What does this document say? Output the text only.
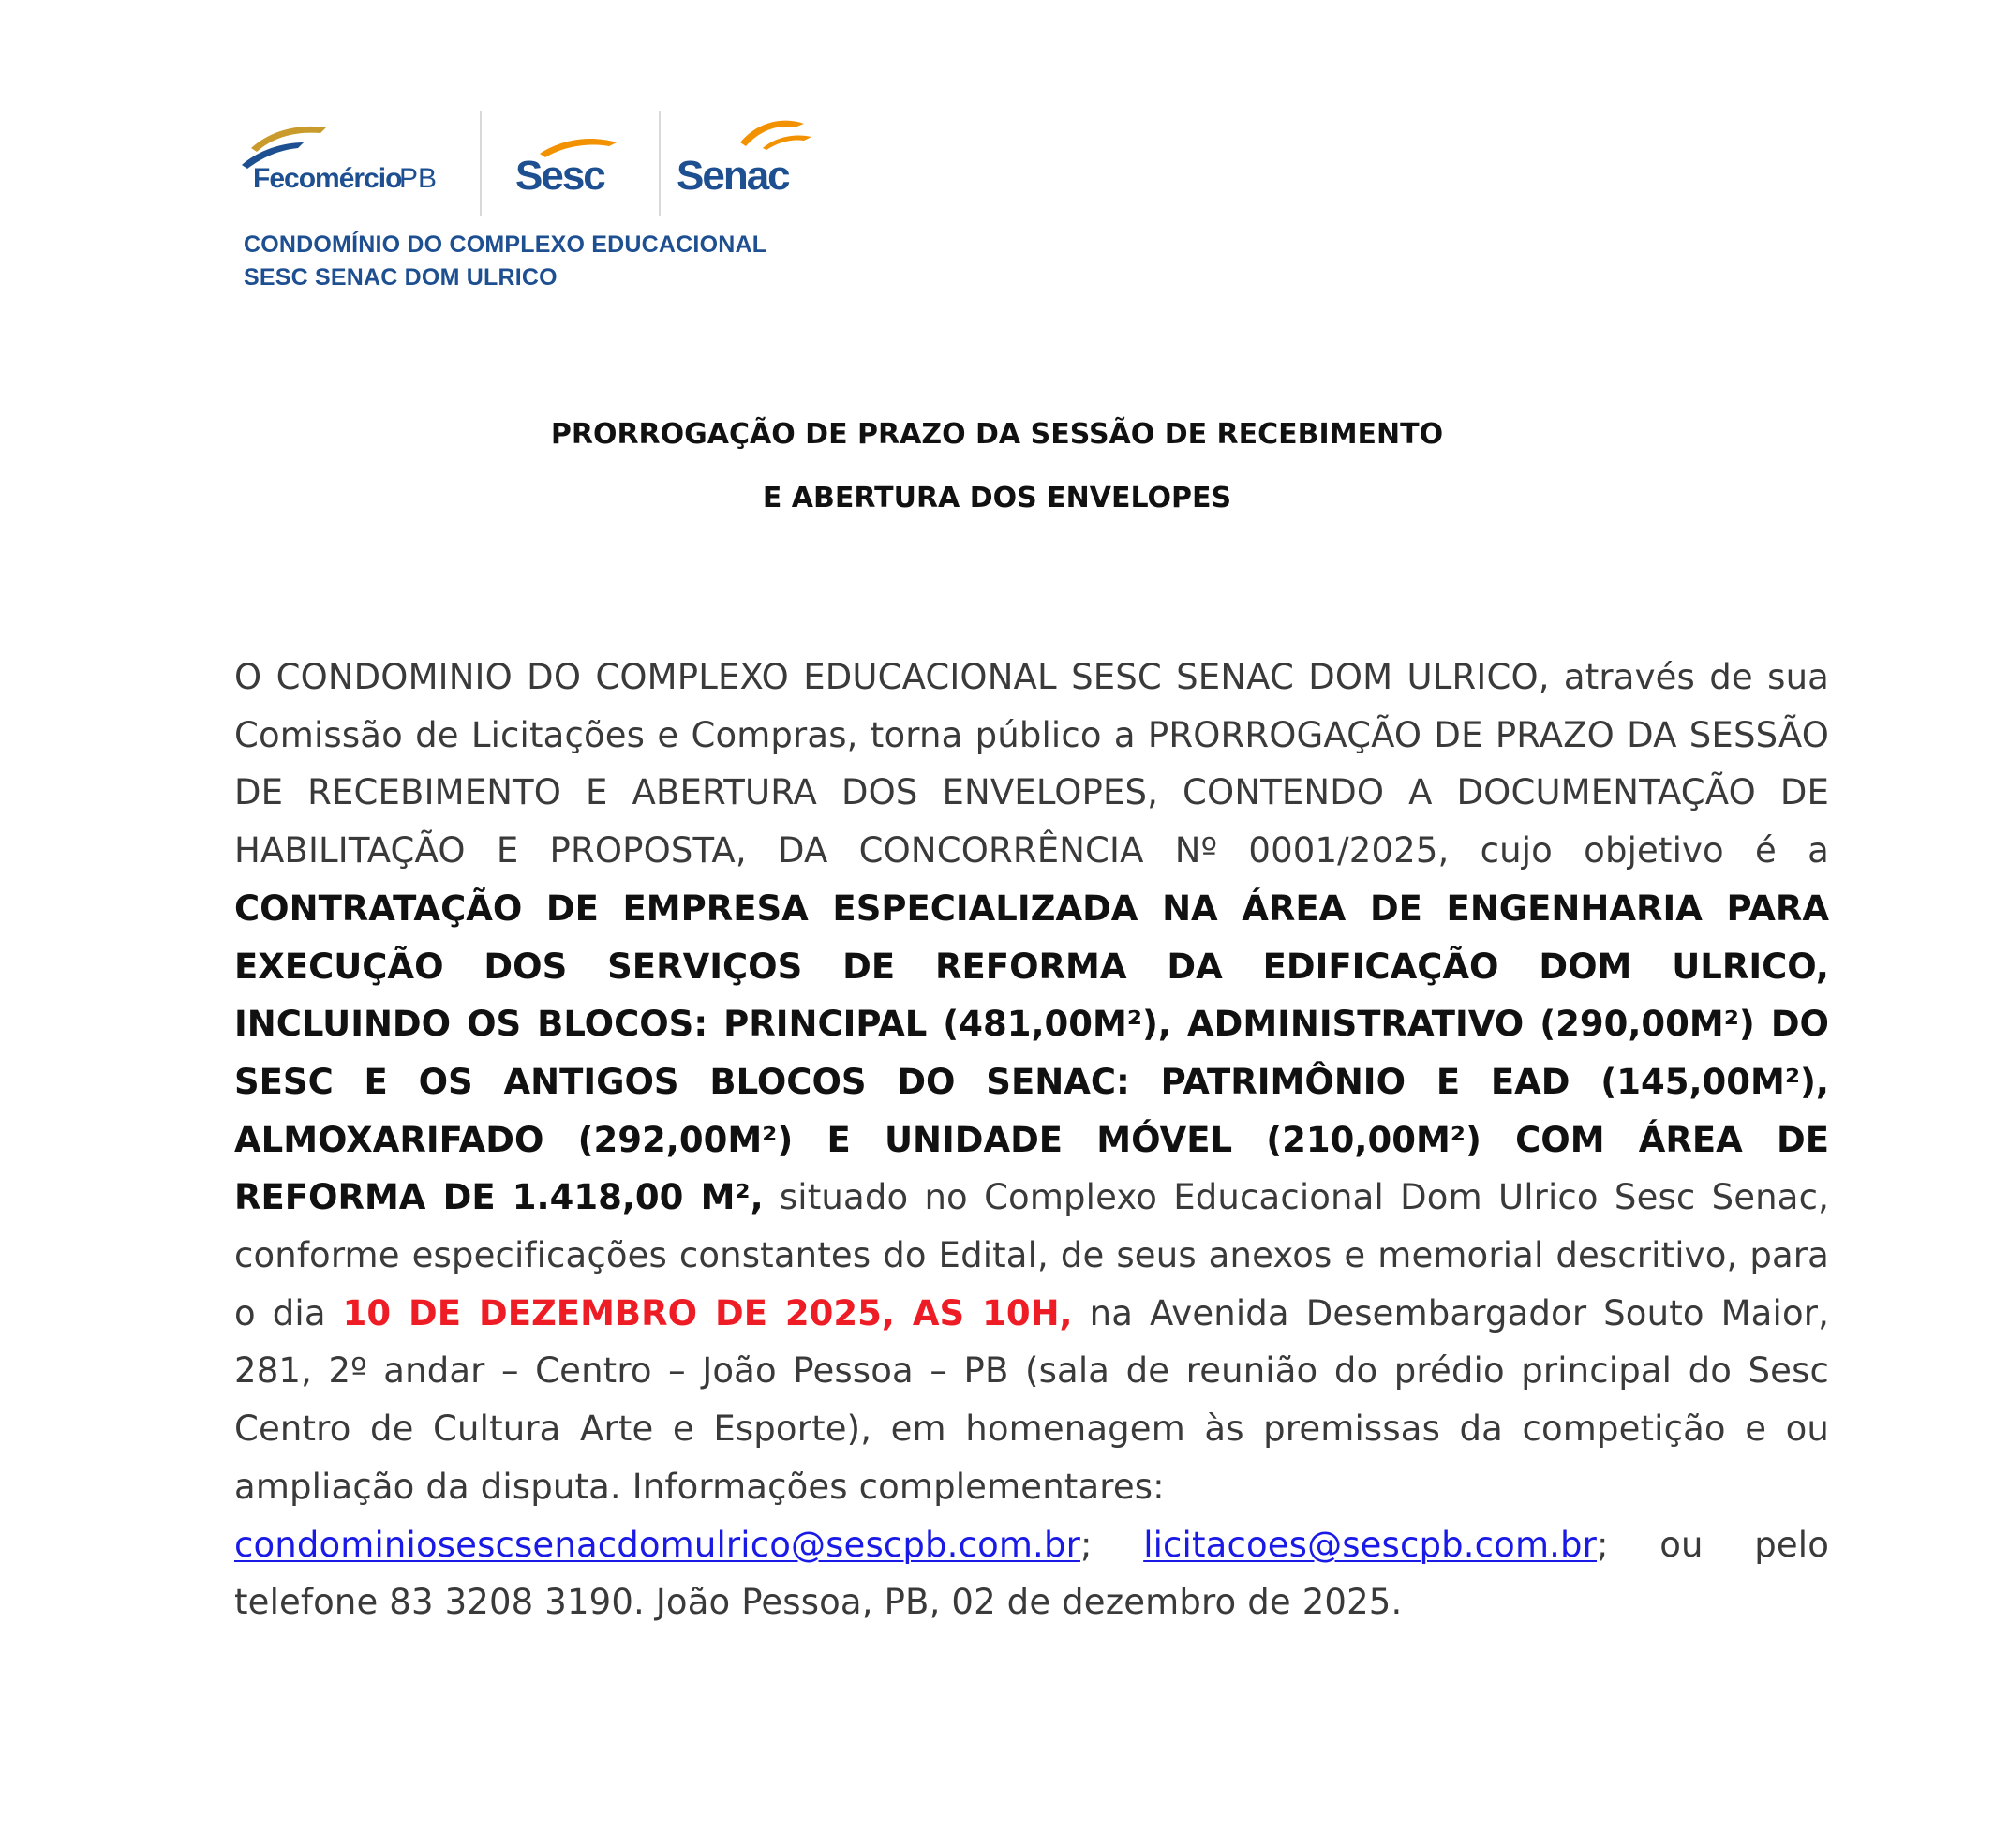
Fecomércio
PB Sesc Senac
CONDOMÍNIO DO COMPLEXO EDUCACIONAL
SESC SENAC DOM ULRICO
PRORROGAÇÃO DE PRAZO DA SESSÃO DE RECEBIMENTO
E ABERTURA DOS ENVELOPES
O CONDOMINIO DO COMPLEXO EDUCACIONAL SESC SENAC DOM ULRICO, através de sua Comissão de Licitações e Compras, torna público a PRORROGAÇÃO DE PRAZO DA SESSÃO DE RECEBIMENTO E ABERTURA DOS ENVELOPES, CONTENDO A DOCUMENTAÇÃO DE HABILITAÇÃO E PROPOSTA, DA CONCORRÊNCIA Nº 0001/2025, cujo objetivo é a CONTRATAÇÃO DE EMPRESA ESPECIALIZADA NA ÁREA DE ENGENHARIA PARA EXECUÇÃO DOS SERVIÇOS DE REFORMA DA EDIFICAÇÃO DOM ULRICO, INCLUINDO OS BLOCOS: PRINCIPAL (481,00M²), ADMINISTRATIVO (290,00M²) DO SESC E OS ANTIGOS BLOCOS DO SENAC: PATRIMÔNIO E EAD (145,00M²), ALMOXARIFADO (292,00M²) E UNIDADE MÓVEL (210,00M²) COM ÁREA DE REFORMA DE 1.418,00 M², situado no Complexo Educacional Dom Ulrico Sesc Senac, conforme especificações constantes do Edital, de seus anexos e memorial descritivo, para o dia 10 DE DEZEMBRO DE 2025, AS 10H, na Avenida Desembargador Souto Maior, 281, 2º andar – Centro – João Pessoa – PB (sala de reunião do prédio principal do Sesc Centro de Cultura Arte e Esporte), em homenagem às premissas da competição e ou ampliação da disputa. Informações complementares:
condominiosescsenacdomulrico@sescpb.com.br; licitacoes@sescpb.com.br; ou pelo telefone 83 3208 3190. João Pessoa, PB, 02 de dezembro de 2025.
